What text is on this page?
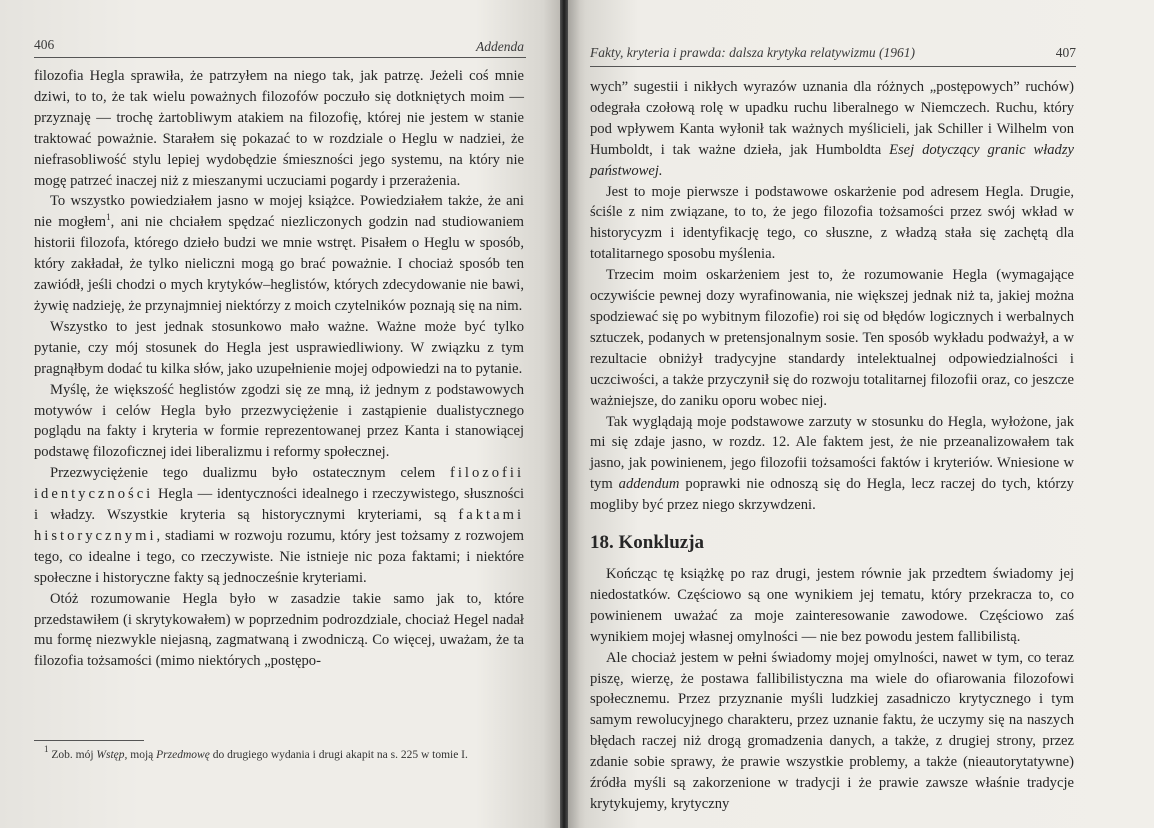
406	Addenda

filozofia Hegla sprawiła, że patrzyłem na niego tak, jak patrzę. Jeżeli coś mnie dziwi, to to, że tak wielu poważnych filozofów poczuło się dotkniętych moim — przyznaję — trochę żartobliwym atakiem na filozofię, której nie jestem w stanie traktować poważnie. Starałem się pokazać to w rozdziale o Heglu w nadziei, że niefrasobliwość stylu lepiej wydobędzie śmieszności jego systemu, na który nie mogę patrzeć inaczej niż z mieszanymi uczuciami pogardy i przerażenia.

To wszystko powiedziałem jasno w mojej książce. Powiedziałem także, że ani nie mogłem$^1$, ani nie chciałem spędzać niezliczonych godzin nad studiowaniem historii filozofa, którego dzieło budzi we mnie wstręt. Pisałem o Heglu w sposób, który zakładał, że tylko nieliczni mogą go brać poważnie. I chociaż sposób ten zawiódł, jeśli chodzi o mych krytyków–heglistów, których zdecydowanie nie bawi, żywię nadzieję, że przynajmniej niektórzy z moich czytelników poznają się na nim.

Wszystko to jest jednak stosunkowo mało ważne. Ważne może być tylko pytanie, czy mój stosunek do Hegla jest usprawiedliwiony. W związku z tym pragnąłbym dodać tu kilka słów, jako uzupełnienie mojej odpowiedzi na to pytanie.

Myślę, że większość heglistów zgodzi się ze mną, iż jednym z podstawowych motywów i celów Hegla było przezwyciężenie i zastąpienie dualistycznego poglądu na fakty i kryteria w formie reprezentowanej przez Kanta i stanowiącej podstawę filozoficznej idei liberalizmu i reformy społecznej.

Przezwyciężenie tego dualizmu było ostatecznym celem filozofii identyczności Hegla — identyczności idealnego i rzeczywistego, słuszności i władzy. Wszystkie kryteria są historycznymi kryteriami, są faktami historycznymi, stadiami w rozwoju rozumu, który jest tożsamy z rozwojem tego, co idealne i tego, co rzeczywiste. Nie istnieje nic poza faktami; i niektóre społeczne i historyczne fakty są jednocześnie kryteriami.

Otóż rozumowanie Hegla było w zasadzie takie samo jak to, które przedstawiłem (i skrytykowałem) w poprzednim podrozdziale, chociaż Hegel nadał mu formę niezwykle niejasną, zagmatwaną i zwodniczą. Co więcej, uważam, że ta filozofia tożsamości (mimo niektórych „postępo-

$^1$ Zob. mój Wstęp, moją Przedmowę do drugiego wydania i drugi akapit na s. 225 w tomie I.
Fakty, kryteria i prawda: dalsza krytyka relatywizmu (1961)	407

wych” sugestii i nikłych wyrazów uznania dla różnych „postępowych” ruchów) odegrała czołową rolę w upadku ruchu liberalnego w Niemczech. Ruchu, który pod wpływem Kanta wyłonił tak ważnych myślicieli, jak Schiller i Wilhelm von Humboldt, i tak ważne dzieła, jak Humboldta Esej dotyczący granic władzy państwowej.

Jest to moje pierwsze i podstawowe oskarżenie pod adresem Hegla. Drugie, ściśle z nim związane, to to, że jego filozofia tożsamości przez swój wkład w historycyzm i identyfikację tego, co słuszne, z władzą stała się zachętą dla totalitarnego sposobu myślenia.

Trzecim moim oskarżeniem jest to, że rozumowanie Hegla (wymagające oczywiście pewnej dozy wyrafinowania, nie większej jednak niż ta, jakiej można spodziewać się po wybitnym filozofie) roi się od błędów logicznych i werbalnych sztuczek, podanych w pretensjonalnym sosie. Ten sposób wykładu podważył, a w rezultacie obniżył tradycyjne standardy intelektualnej odpowiedzialności i uczciwości, a także przyczynił się do rozwoju totalitarnej filozofii oraz, co jeszcze ważniejsze, do zaniku oporu wobec niej.

Tak wyglądają moje podstawowe zarzuty w stosunku do Hegla, wyłożone, jak mi się zdaje jasno, w rozdz. 12. Ale faktem jest, że nie przeanalizowałem tak jasno, jak powinienem, jego filozofii tożsamości faktów i kryteriów. Wniesione w tym addendum poprawki nie odnoszą się do Hegla, lecz raczej do tych, którzy mogliby być przez niego skrzywdzeni.

18. Konkluzja

Kończąc tę książkę po raz drugi, jestem równie jak przedtem świadomy jej niedostatków. Częściowo są one wynikiem jej tematu, który przekracza to, co powinienem uważać za moje zainteresowanie zawodowe. Częściowo zaś wynikiem mojej własnej omylności — nie bez powodu jestem fallibilistą.

Ale chociaż jestem w pełni świadomy mojej omylności, nawet w tym, co teraz piszę, wierzę, że postawa fallibilistyczna ma wiele do ofiarowania filozofowi społecznemu. Przez przyznanie myśli ludzkiej zasadniczo krytycznego i tym samym rewolucyjnego charakteru, przez uznanie faktu, że uczymy się na naszych błędach raczej niż drogą gromadzenia danych, a także, z drugiej strony, przez zdanie sobie sprawy, że prawie wszystkie problemy, a także (nieautorytatywne) źródła myśli są zakorzenione w tradycji i że prawie zawsze właśnie tradycje krytykujemy, krytyczny
